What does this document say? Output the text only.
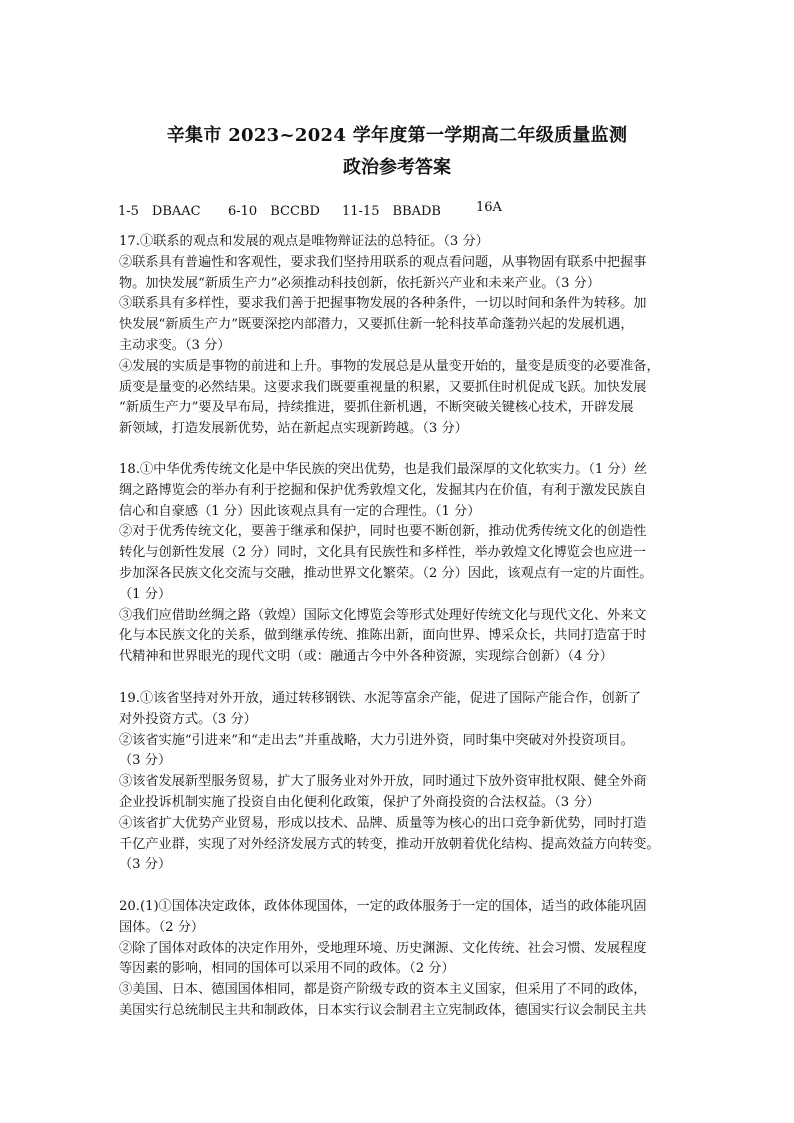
辛集市 2023~2024 学年度第一学期高二年级质量监测
政治参考答案

1-5　DBAAC

6-10　BCCBD

11-15　BBADB

	16A

17.①联系的观点和发展的观点是唯物辩证法的总特征。（3 分）

②联系具有普遍性和客观性，要求我们坚持用联系的观点看问题，从事物固有联系中把握事

物。加快发展“新质生产力”必须推动科技创新，依托新兴产业和未来产业。（3 分）

③联系具有多样性，要求我们善于把握事物发展的各种条件，一切以时间和条件为转移。加

快发展“新质生产力”既要深挖内部潜力，又要抓住新一轮科技革命蓬勃兴起的发展机遇，

主动求变。（3 分）

④发展的实质是事物的前进和上升。事物的发展总是从量变开始的，量变是质变的必要准备，

质变是量变的必然结果。这要求我们既要重视量的积累，又要抓住时机促成飞跃。加快发展

“新质生产力”要及早布局，持续推进，要抓住新机遇，不断突破关键核心技术，开辟发展

新领域，打造发展新优势，站在新起点实现新跨越。（3 分）

18.①中华优秀传统文化是中华民族的突出优势，也是我们最深厚的文化软实力。（1 分）丝

绸之路博览会的举办有利于挖掘和保护优秀敦煌文化，发掘其内在价值，有利于激发民族自

信心和自豪感（1 分）因此该观点具有一定的合理性。（1 分）

②对于优秀传统文化，要善于继承和保护，同时也要不断创新，推动优秀传统文化的创造性

转化与创新性发展（2 分）同时，文化具有民族性和多样性，举办敦煌文化博览会也应进一

步加深各民族文化交流与交融，推动世界文化繁荣。（2 分）因此，该观点有一定的片面性。

（1 分）

③我们应借助丝绸之路（敦煌）国际文化博览会等形式处理好传统文化与现代文化、外来文

化与本民族文化的关系，做到继承传统、推陈出新，面向世界、博采众长，共同打造富于时

代精神和世界眼光的现代文明（或：融通古今中外各种资源，实现综合创新）（4 分）

19.①该省坚持对外开放，通过转移钢铁、水泥等富余产能，促进了国际产能合作，创新了

对外投资方式。（3 分）

②该省实施“引进来”和“走出去”并重战略，大力引进外资，同时集中突破对外投资项目。

（3 分）

③该省发展新型服务贸易，扩大了服务业对外开放，同时通过下放外资审批权限、健全外商

企业投诉机制实施了投资自由化便利化政策，保护了外商投资的合法权益。（3 分）

④该省扩大优势产业贸易，形成以技术、品牌、质量等为核心的出口竞争新优势，同时打造

千亿产业群，实现了对外经济发展方式的转变，推动开放朝着优化结构、提高效益方向转变。

（3 分）

20.(1)①国体决定政体，政体体现国体，一定的政体服务于一定的国体，适当的政体能巩固

国体。（2 分）

②除了国体对政体的决定作用外，受地理环境、历史渊源、文化传统、社会习惯、发展程度

等因素的影响，相同的国体可以采用不同的政体。（2 分）

③美国、日本、德国国体相同，都是资产阶级专政的资本主义国家，但采用了不同的政体，

美国实行总统制民主共和制政体，日本实行议会制君主立宪制政体，德国实行议会制民主共
